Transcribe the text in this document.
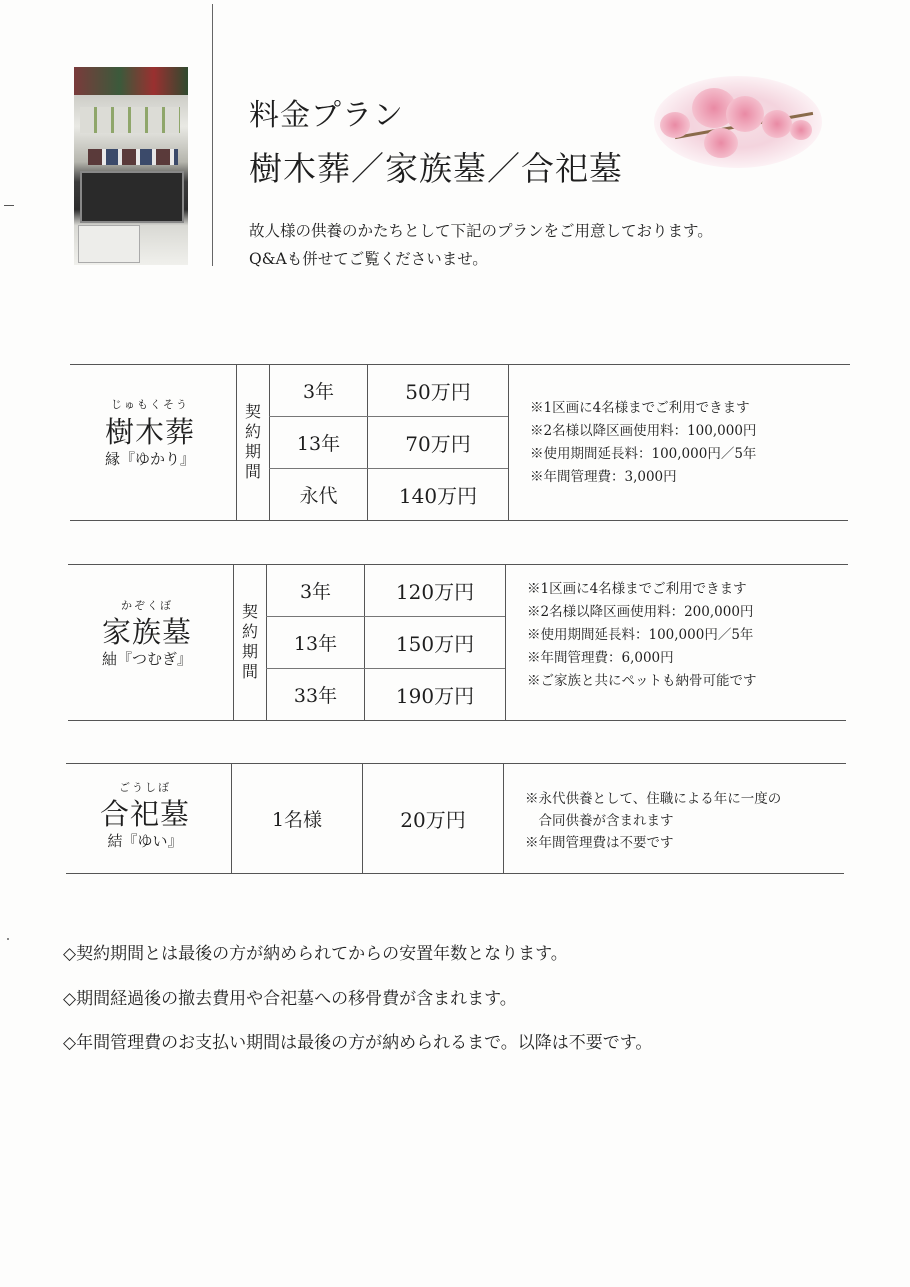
料金プラン
樹木葬／家族墓／合祀墓
故人様の供養のかたちとして下記のプランをご用意しております。
Q&Aも併せてご覧くださいませ。
じゅもくそう
樹木葬
縁『ゆかり』
契約期間
3年	50万円
13年	70万円
永代	140万円
※1区画に4名様までご利用できます
※2名様以降区画使用料：100,000円
※使用期間延長料：100,000円／5年
※年間管理費：3,000円
かぞくぼ
家族墓
紬『つむぎ』
契約期間
3年	120万円
13年	150万円
33年	190万円
※1区画に4名様までご利用できます
※2名様以降区画使用料：200,000円
※使用期間延長料：100,000円／5年
※年間管理費：6,000円
※ご家族と共にペットも納骨可能です
ごうしぼ
合祀墓
結『ゆい』
1名様	20万円
※永代供養として、住職による年に一度の
　合同供養が含まれます
※年間管理費は不要です
◇契約期間とは最後の方が納められてからの安置年数となります。
◇期間経過後の撤去費用や合祀墓への移骨費が含まれます。
◇年間管理費のお支払い期間は最後の方が納められるまで。以降は不要です。
